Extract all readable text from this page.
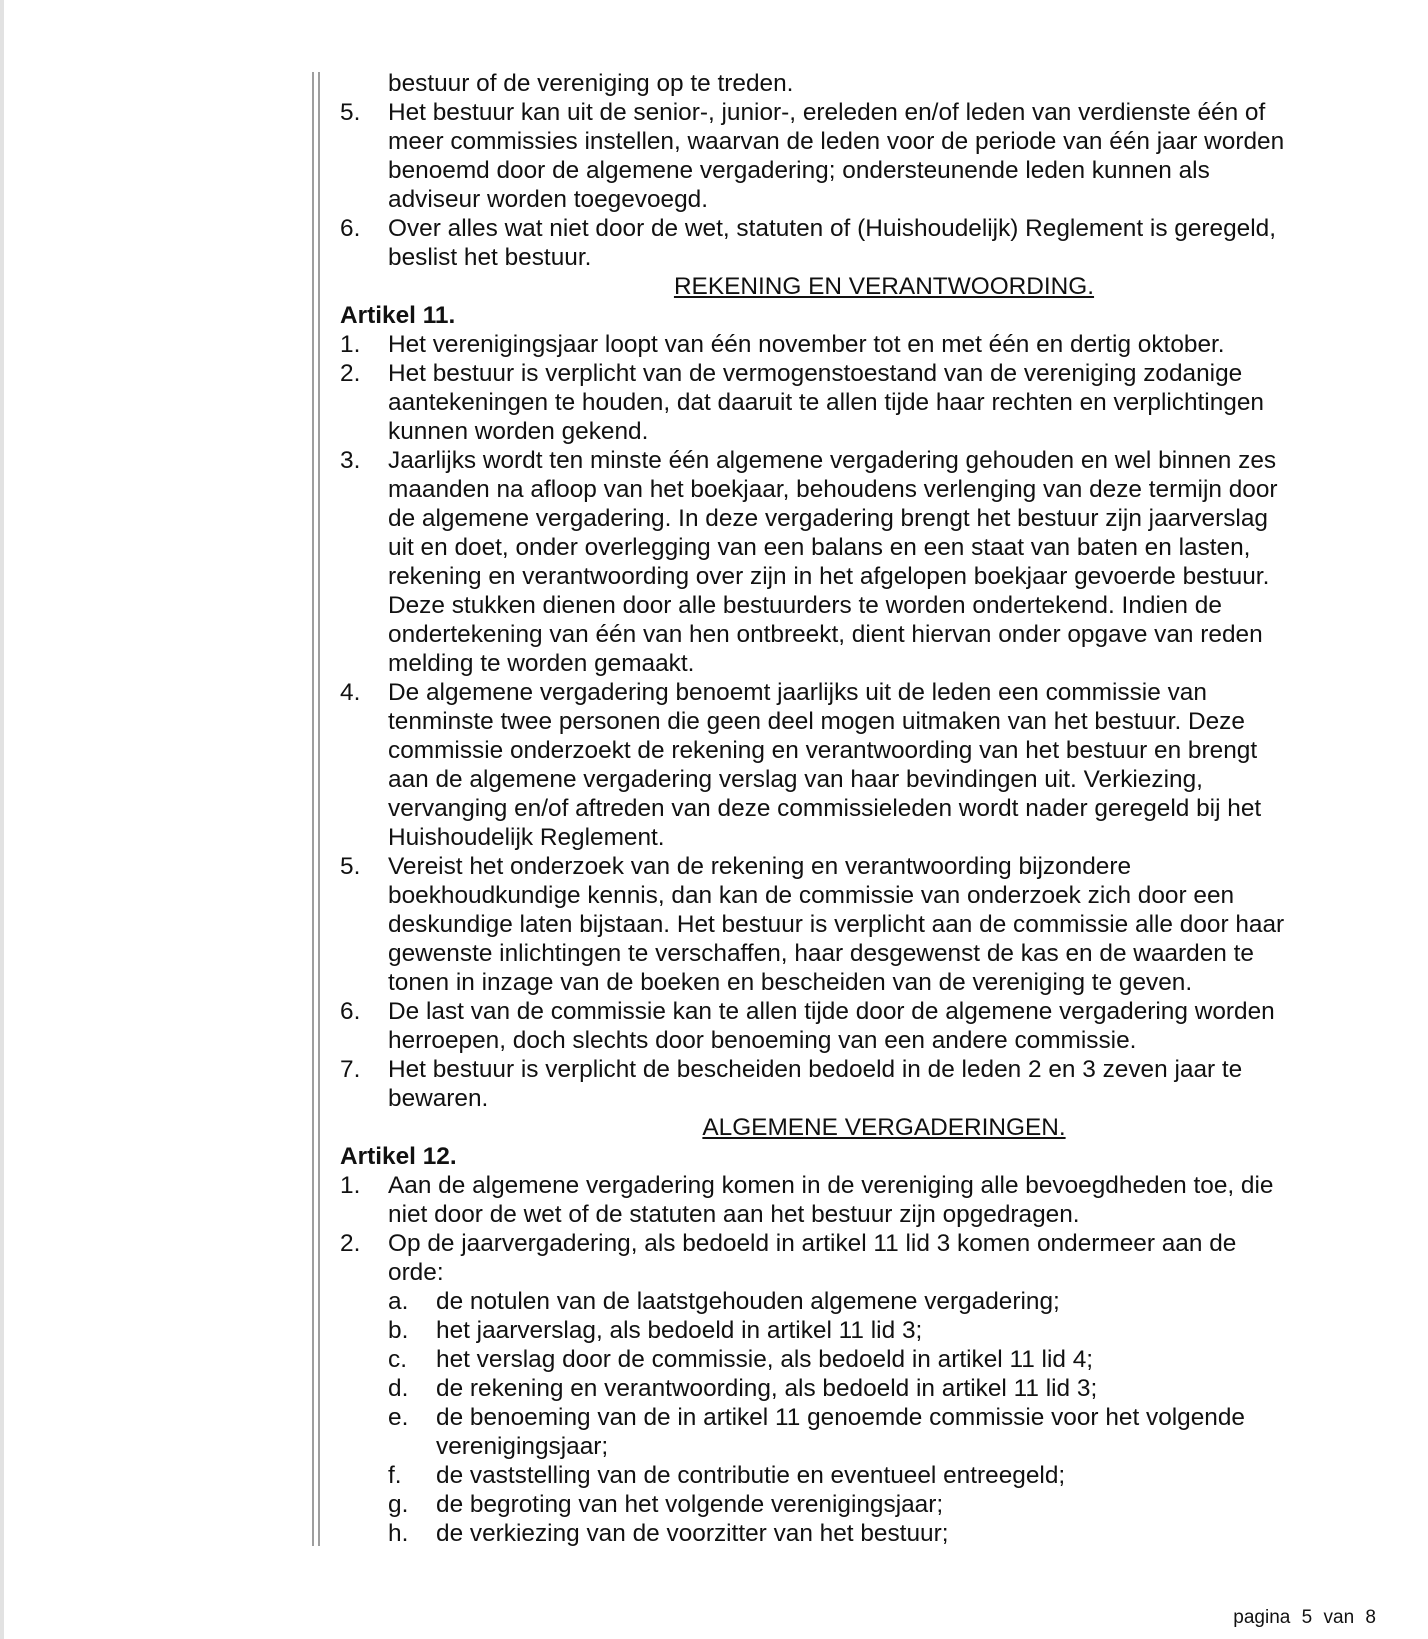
bestuur of de vereniging op te treden.

5.	Het bestuur kan uit de senior-, junior-, ereleden en/of leden van verdienste één of
meer commissies instellen, waarvan de leden voor de periode van één jaar worden
benoemd door de algemene vergadering; ondersteunende leden kunnen als
adviseur worden toegevoegd.
6.	Over alles wat niet door de wet, statuten of (Huishoudelijk) Reglement is geregeld,
beslist het bestuur.

REKENING EN VERANTWOORDING.

Artikel 11.

1.	Het verenigingsjaar loopt van één november tot en met één en dertig oktober.
2.	Het bestuur is verplicht van de vermogenstoestand van de vereniging zodanige
aantekeningen te houden, dat daaruit te allen tijde haar rechten en verplichtingen
kunnen worden gekend.
3.	Jaarlijks wordt ten minste één algemene vergadering gehouden en wel binnen zes
maanden na afloop van het boekjaar, behoudens verlenging van deze termijn door
de algemene vergadering. In deze vergadering brengt het bestuur zijn jaarverslag
uit en doet, onder overlegging van een balans en een staat van baten en lasten,
rekening en verantwoording over zijn in het afgelopen boekjaar gevoerde bestuur.
Deze stukken dienen door alle bestuurders te worden ondertekend. Indien de
ondertekening van één van hen ontbreekt, dient hiervan onder opgave van reden
melding te worden gemaakt.
4.	De algemene vergadering benoemt jaarlijks uit de leden een commissie van
tenminste twee personen die geen deel mogen uitmaken van het bestuur. Deze
commissie onderzoekt de rekening en verantwoording van het bestuur en brengt
aan de algemene vergadering verslag van haar bevindingen uit. Verkiezing,
vervanging en/of aftreden van deze commissieleden wordt nader geregeld bij het
Huishoudelijk Reglement.
5.	Vereist het onderzoek van de rekening en verantwoording bijzondere
boekhoudkundige kennis, dan kan de commissie van onderzoek zich door een
deskundige laten bijstaan. Het bestuur is verplicht aan de commissie alle door haar
gewenste inlichtingen te verschaffen, haar desgewenst de kas en de waarden te
tonen in inzage van de boeken en bescheiden van de vereniging te geven.
6.	De last van de commissie kan te allen tijde door de algemene vergadering worden
herroepen, doch slechts door benoeming van een andere commissie.
7.	Het bestuur is verplicht de bescheiden bedoeld in de leden 2 en 3 zeven jaar te
bewaren.

ALGEMENE VERGADERINGEN.

Artikel 12.

1.	Aan de algemene vergadering komen in de vereniging alle bevoegdheden toe, die
niet door de wet of de statuten aan het bestuur zijn opgedragen.
2.	Op de jaarvergadering, als bedoeld in artikel 11 lid 3 komen ondermeer aan de
orde:
a.	de notulen van de laatstgehouden algemene vergadering;
b.	het jaarverslag, als bedoeld in artikel 11 lid 3;
c.	het verslag door de commissie, als bedoeld in artikel 11 lid 4;
d.	de rekening en verantwoording, als bedoeld in artikel 11 lid 3;
e.	de benoeming van de in artikel 11 genoemde commissie voor het volgende
verenigingsjaar;
f.	de vaststelling van de contributie en eventueel entreegeld;
g.	de begroting van het volgende verenigingsjaar;
h.	de verkiezing van de voorzitter van het bestuur;
pagina 5 van 8
